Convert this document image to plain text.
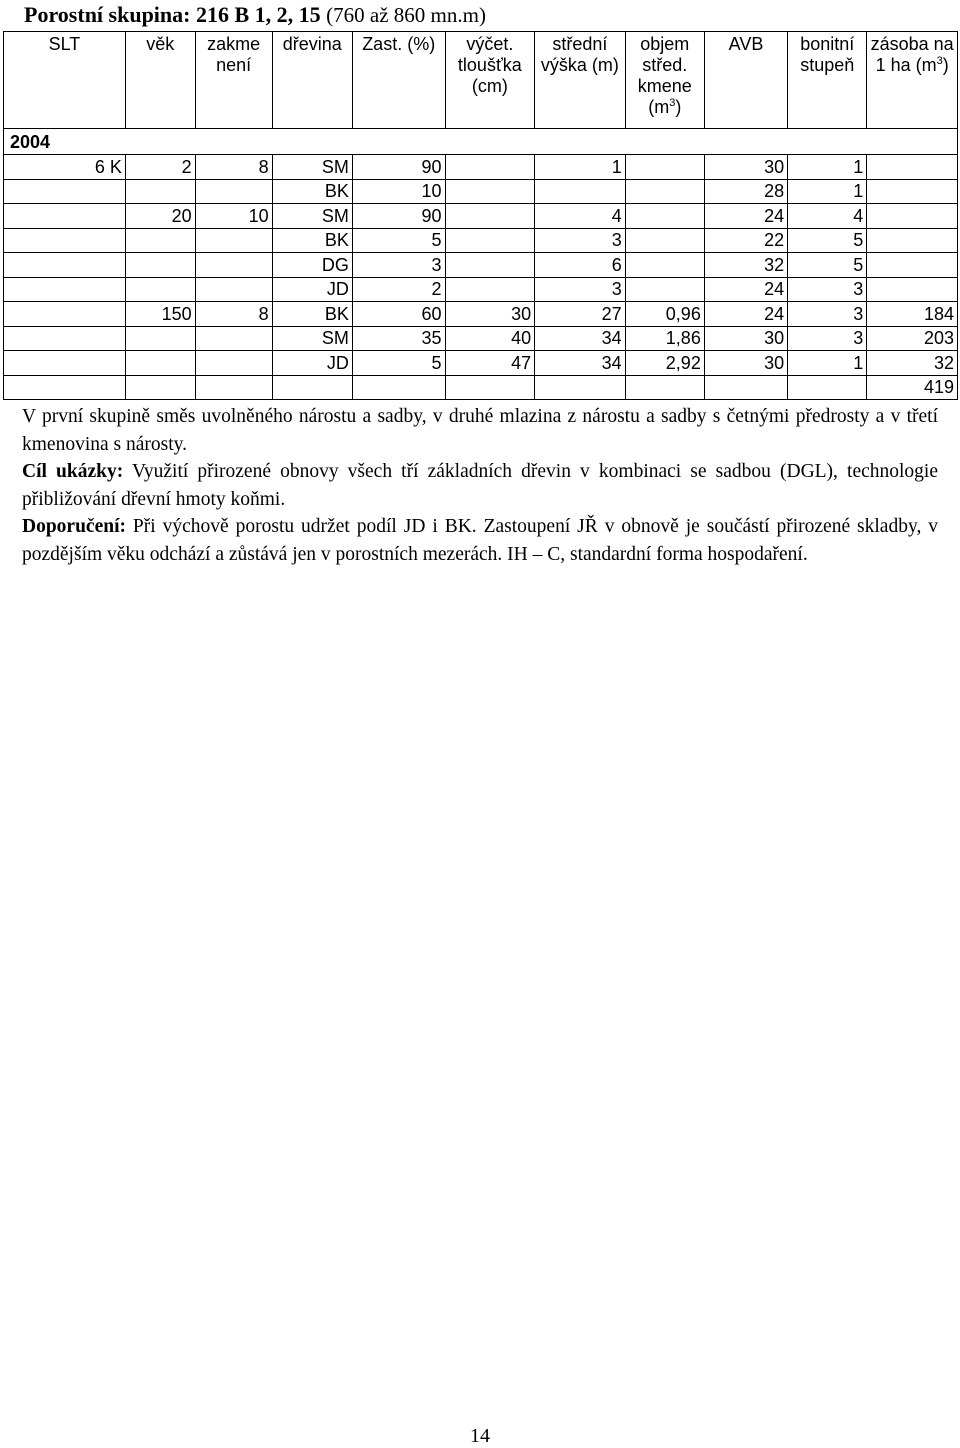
Porostní skupina: 216 B 1, 2, 15 (760 až 860 mn.m)
SLT	věk	zakme není	dřevina	Zast. (%)	výčet. tloušťka (cm)	střední výška (m)	objem střed. kmene $(m^3)$	AVB	bonitní stupeň	zásoba na 1 ha $(m^3)$
2004										
6 K	2	8	SM	90		1		30	1	
			BK	10				28	1	
	20	10	SM	90		4		24	4	
			BK	5		3		22	5	
			DG	3		6		32	5	
			JD	2		3		24	3	
	150	8	BK	60	30	27	0,96	24	3	184
			SM	35	40	34	1,86	30	3	203
			JD	5	47	34	2,92	30	1	32
										419

V první skupině směs uvolněného nárostu a sadby, v druhé mlazina z nárostu a sadby s četnými předrosty a v třetí kmenovina s nárosty.

Cíl ukázky: Využití přirozené obnovy všech tří základních dřevin v kombinaci se sadbou (DGL), technologie přibližování dřevní hmoty koňmi.

Doporučení: Při výchově porostu udržet podíl JD i BK. Zastoupení JŘ v obnově je součástí přirozené skladby, v pozdějším věku odchází a zůstává jen v porostních mezerách. IH – C, standardní forma hospodaření.

14
